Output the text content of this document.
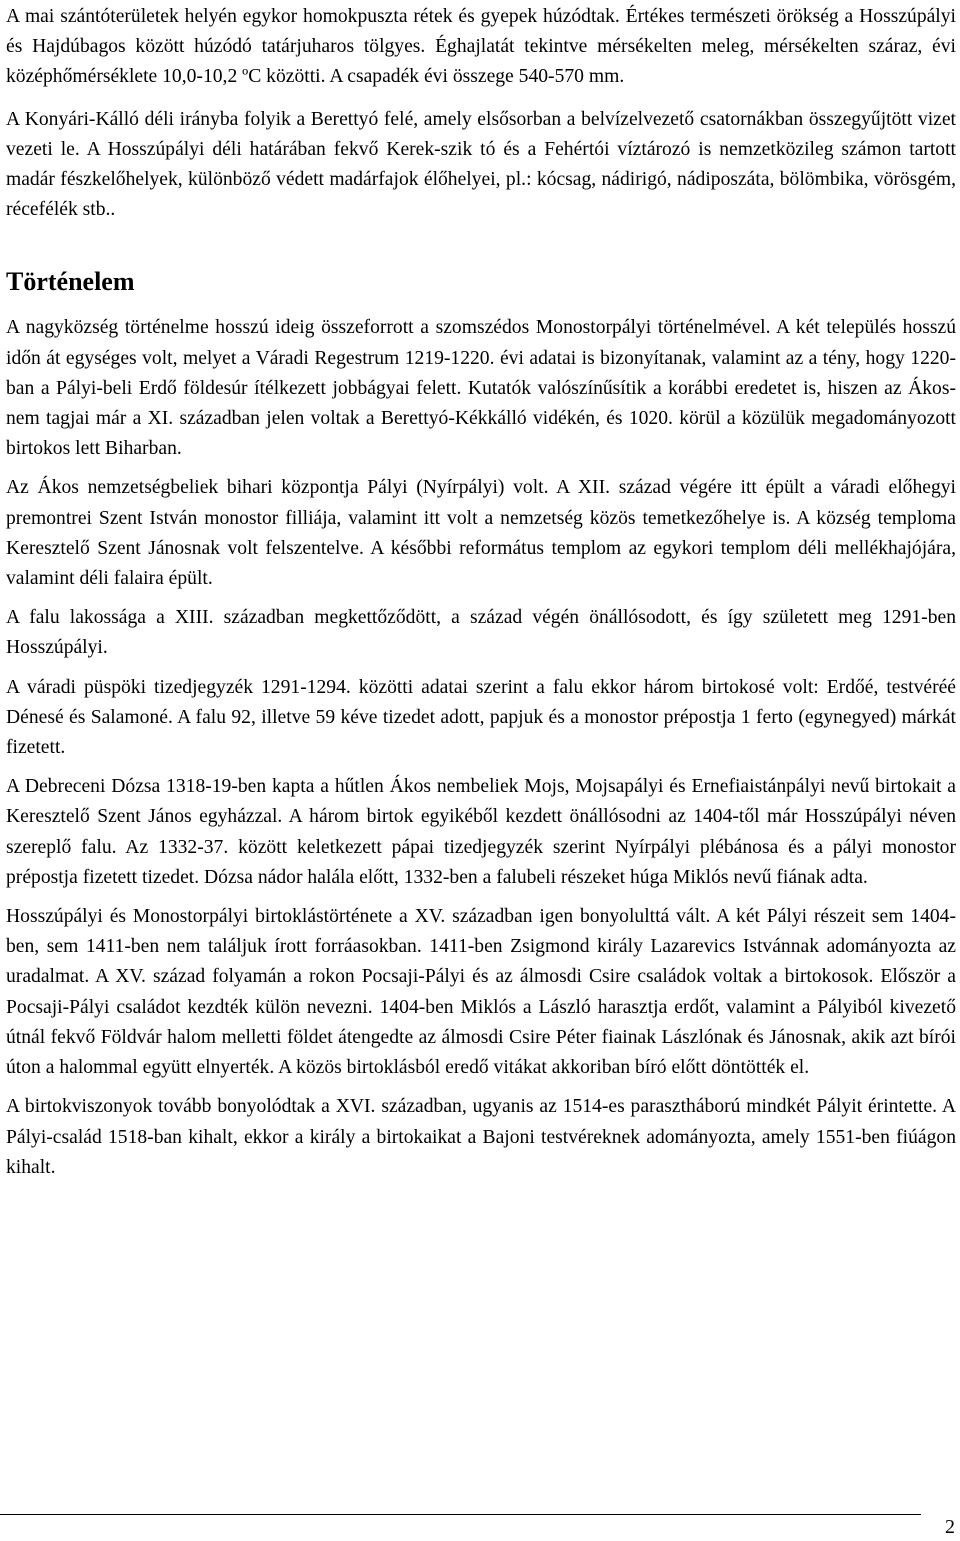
A mai szántóterületek helyén egykor homokpuszta rétek és gyepek húzódtak. Értékes természeti örökség a Hosszúpályi és Hajdúbagos között húzódó tatárjuharos tölgyes. Éghajlatát tekintve mérsékelten meleg, mérsékelten száraz, évi középhőmérséklete 10,0-10,2 ºC közötti. A csapadék évi összege 540-570 mm.

A Konyári-Kálló déli irányba folyik a Berettyó felé, amely elsősorban a belvízelvezető csatornákban összegyűjtött vizet vezeti le. A Hosszúpályi déli határában fekvő Kerek-szik tó és a Fehértói víztározó is nemzetközileg számon tartott madár fészkelőhelyek, különböző védett madárfajok élőhelyei, pl.: kócsag, nádirigó, nádiposzáta, bölömbika, vörösgém, récefélék stb..

Történelem

A nagyközség történelme hosszú ideig összeforrott a szomszédos Monostorpályi történelmével. A két település hosszú időn át egységes volt, melyet a Váradi Regestrum 1219-1220. évi adatai is bizonyítanak, valamint az a tény, hogy 1220-ban a Pályi-beli Erdő földesúr ítélkezett jobbágyai felett. Kutatók valószínűsítik a korábbi eredetet is, hiszen az Ákos-nem tagjai már a XI. században jelen voltak a Berettyó-Kékkálló vidékén, és 1020. körül a közülük megadományozott birtokos lett Biharban.

Az Ákos nemzetségbeliek bihari központja Pályi (Nyírpályi) volt. A XII. század végére itt épült a váradi előhegyi premontrei Szent István monostor filliája, valamint itt volt a nemzetség közös temetkezőhelye is. A község temploma Keresztelő Szent Jánosnak volt felszentelve. A későbbi református templom az egykori templom déli mellékhajójára, valamint déli falaira épült.

A falu lakossága a XIII. században megkettőződött, a század végén önállósodott, és így született meg 1291-ben Hosszúpályi.

A váradi püspöki tizedjegyzék 1291-1294. közötti adatai szerint a falu ekkor három birtokosé volt: Erdőé, testvéréé Dénesé és Salamoné. A falu 92, illetve 59 kéve tizedet adott, papjuk és a monostor prépostja 1 ferto (egynegyed) márkát fizetett.

A Debreceni Dózsa 1318-19-ben kapta a hűtlen Ákos nembeliek Mojs, Mojsapályi és Ernefiaistánpályi nevű birtokait a Keresztelő Szent János egyházzal. A három birtok egyikéből kezdett önállósodni az 1404-től már Hosszúpályi néven szereplő falu. Az 1332-37. között keletkezett pápai tizedjegyzék szerint Nyírpályi plébánosa és a pályi monostor prépostja fizetett tizedet. Dózsa nádor halála előtt, 1332-ben a falubeli részeket húga Miklós nevű fiának adta.

Hosszúpályi és Monostorpályi birtoklástörténete a XV. században igen bonyolulttá vált. A két Pályi részeit sem 1404-ben, sem 1411-ben nem találjuk írott forráasokban. 1411-ben Zsigmond király Lazarevics Istvánnak adományozta az uradalmat. A XV. század folyamán a rokon Pocsaji-Pályi és az álmosdi Csire családok voltak a birtokosok. Először a Pocsaji-Pályi családot kezdték külön nevezni. 1404-ben Miklós a László harasztja erdőt, valamint a Pályiból kivezető útnál fekvő Földvár halom melletti földet átengedte az álmosdi Csire Péter fiainak Lászlónak és Jánosnak, akik azt bírói úton a halommal együtt elnyerték. A közös birtoklásból eredő vitákat akkoriban bíró előtt döntötték el.

A birtokviszonyok tovább bonyolódtak a XVI. században, ugyanis az 1514-es parasztháború mindkét Pályit érintette. A Pályi-család 1518-ban kihalt, ekkor a király a birtokaikat a Bajoni testvéreknek adományozta, amely 1551-ben fiúágon kihalt.

2
